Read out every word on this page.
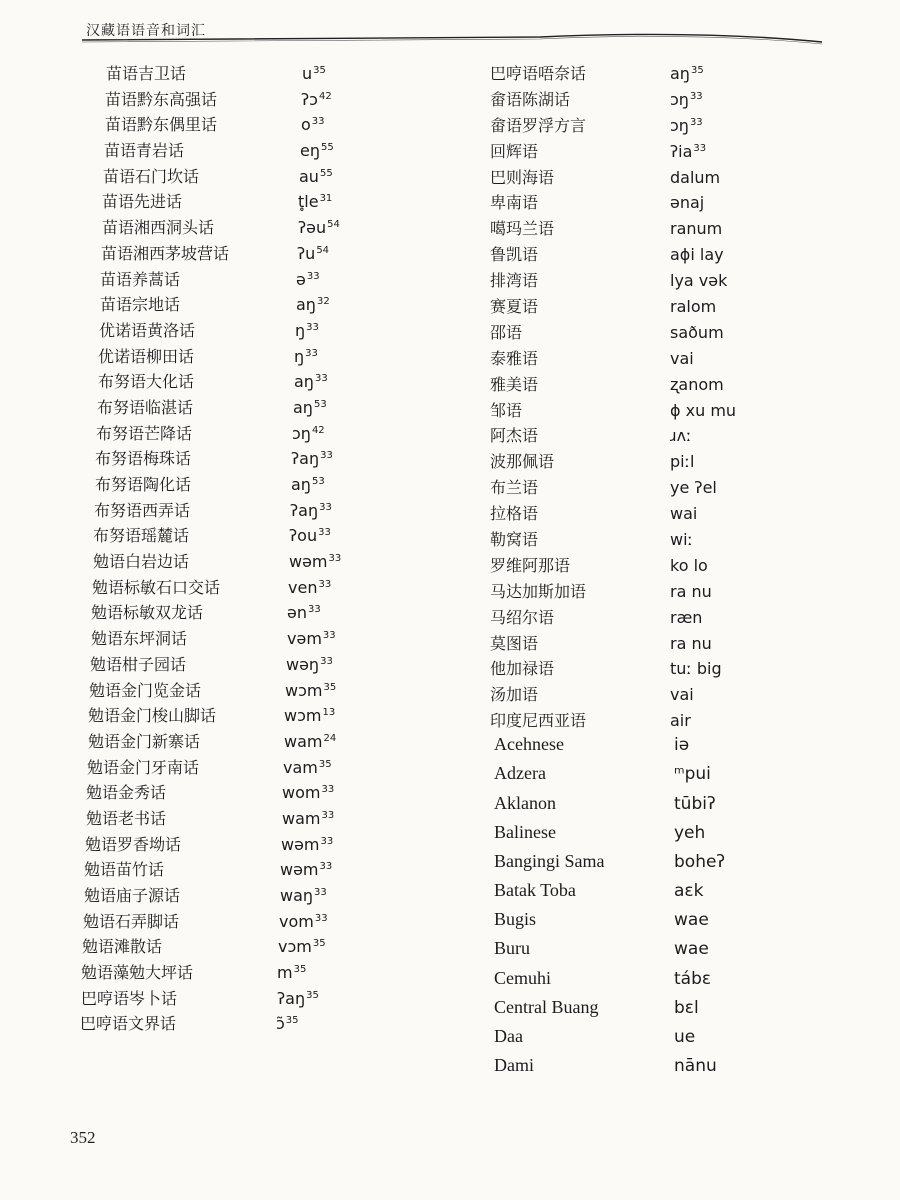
汉藏语语音和词汇
苗语吉卫话	$u^{35}$
苗语黔东高强话	ʔɔ$^{42}$
苗语黔东偶里话	$o^{33}$
苗语青岩话	$eŋ^{55}$
苗语石门坎话	$au^{55}$
苗语先进话	$t̥le^{31}$
苗语湘西洞头话	ʔəu$^{54}$
苗语湘西茅坡营话	ʔu$^{54}$
苗语养蒿话	ə$^{33}$
苗语宗地话	$aŋ^{32}$
优诺语黄洛话	$ŋ^{33}$
优诺语柳田话	$ŋ^{33}$
布努语大化话	$aŋ^{33}$
布努语临湛话	$aŋ^{53}$
布努语芒降话	ɔŋ$^{42}$
布努语梅珠话	ʔaŋ$^{33}$
布努语陶化话	$aŋ^{53}$
布努语西弄话	ʔaŋ$^{33}$
布努语瑶麓话	ʔou$^{33}$
勉语白岩边话	wəm$^{33}$
勉语标敏石口交话	ven$^{33}$
勉语标敏双龙话	ən$^{33}$
勉语东坪洞话	vəm$^{33}$
勉语柑子园话	wəŋ$^{33}$
勉语金门览金话	wɔm$^{35}$
勉语金门梭山脚话	wɔm$^{13}$
勉语金门新寨话	wam$^{24}$
勉语金门牙南话	vam$^{35}$
勉语金秀话	wom$^{33}$
勉语老书话	wam$^{33}$
勉语罗香坳话	wəm$^{33}$
勉语苗竹话	wəm$^{33}$
勉语庙子源话	waŋ$^{33}$
勉语石弄脚话	vom$^{33}$
勉语滩散话	vɔm$^{35}$
勉语藻勉大坪话	$m^{35}$
巴哼语岑卜话	ʔaŋ$^{35}$
巴哼语文界话	ɔ̃$^{35}$
巴哼语唔奈话	$aŋ^{35}$
畲语陈湖话	ɔŋ$^{33}$
畲语罗浮方言	ɔŋ$^{33}$
回辉语	ʔia$^{33}$
巴则海语	dalum
卑南语	ənaj
噶玛兰语	ranum
鲁凯语	aɸi lay
排湾语	lya vək
赛夏语	ralom
邵语	saðum
泰雅语	vai
雅美语	ʐanom
邹语	ɸ xu mu
阿杰语	ɹʌː
波那佩语	piːl
布兰语	ye ʔel
拉格语	wai
勒窝语	wiː
罗维阿那语	ko lo
马达加斯加语	ra nu
马绍尔语	ræn
莫图语	ra nu
他加禄语	tuː big
汤加语	vai
印度尼西亚语	air
Acehnese	iə
Adzera	ᵐpui
Aklanon	tūbiʔ
Balinese	yeh
Bangingi Sama	boheʔ
Batak Toba	aɛk
Bugis	wae
Buru	wae
Cemuhi	tábɛ
Central Buang	bɛl
Daa	ue
Dami	nānu
352
